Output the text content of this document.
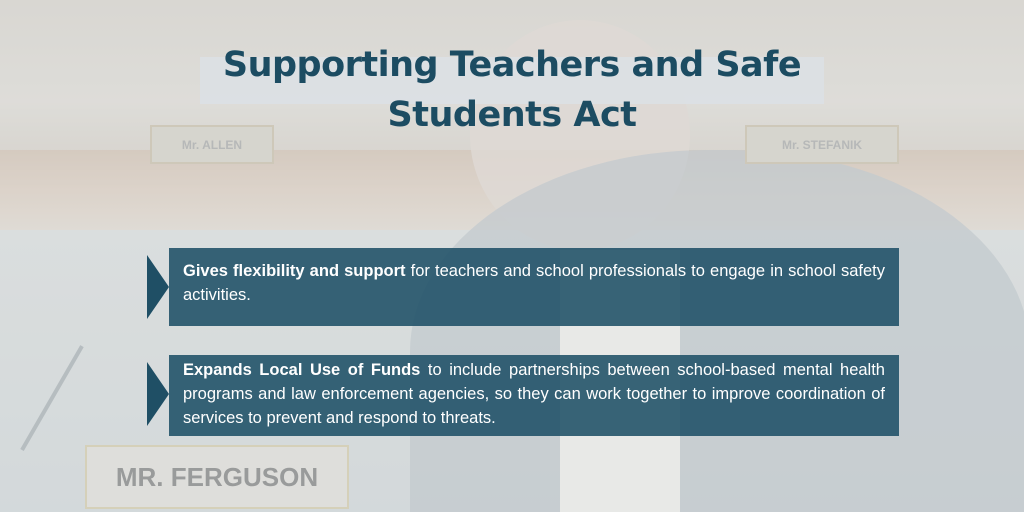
Mr. ALLEN	Mr. STEFANIK
MR. FERGUSON
Supporting Teachers and Safe Students Act
Gives flexibility and support for teachers and school professionals to engage in school safety activities.
Expands Local Use of Funds to include partnerships between school-based mental health programs and law enforcement agencies, so they can work together to improve coordination of services to prevent and respond to threats.
